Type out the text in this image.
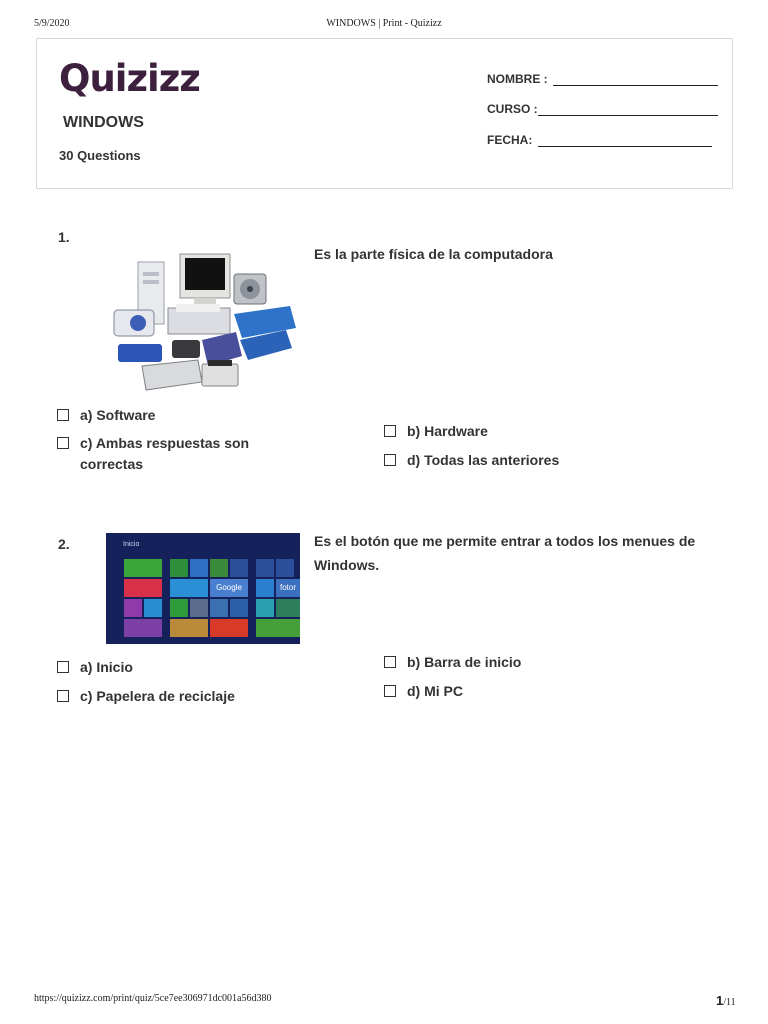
5/9/2020	WINDOWS | Print - Quizizz
Quizizz
WINDOWS
30 Questions
NOMBRE :
CURSO :
FECHA:
1.
Es la parte física de la computadora
a) Software
b) Hardware
c) Ambas respuestas son
correctas	d) Todas las anteriores
2.	Inicio
Google	fotor
Es el botón que me permite entrar a todos los menues de
Windows.
a) Inicio	b) Barra de inicio
c) Papelera de reciclaje	d) Mi PC
https://quizizz.com/print/quiz/5ce7ee306971dc001a56d380	1/11
